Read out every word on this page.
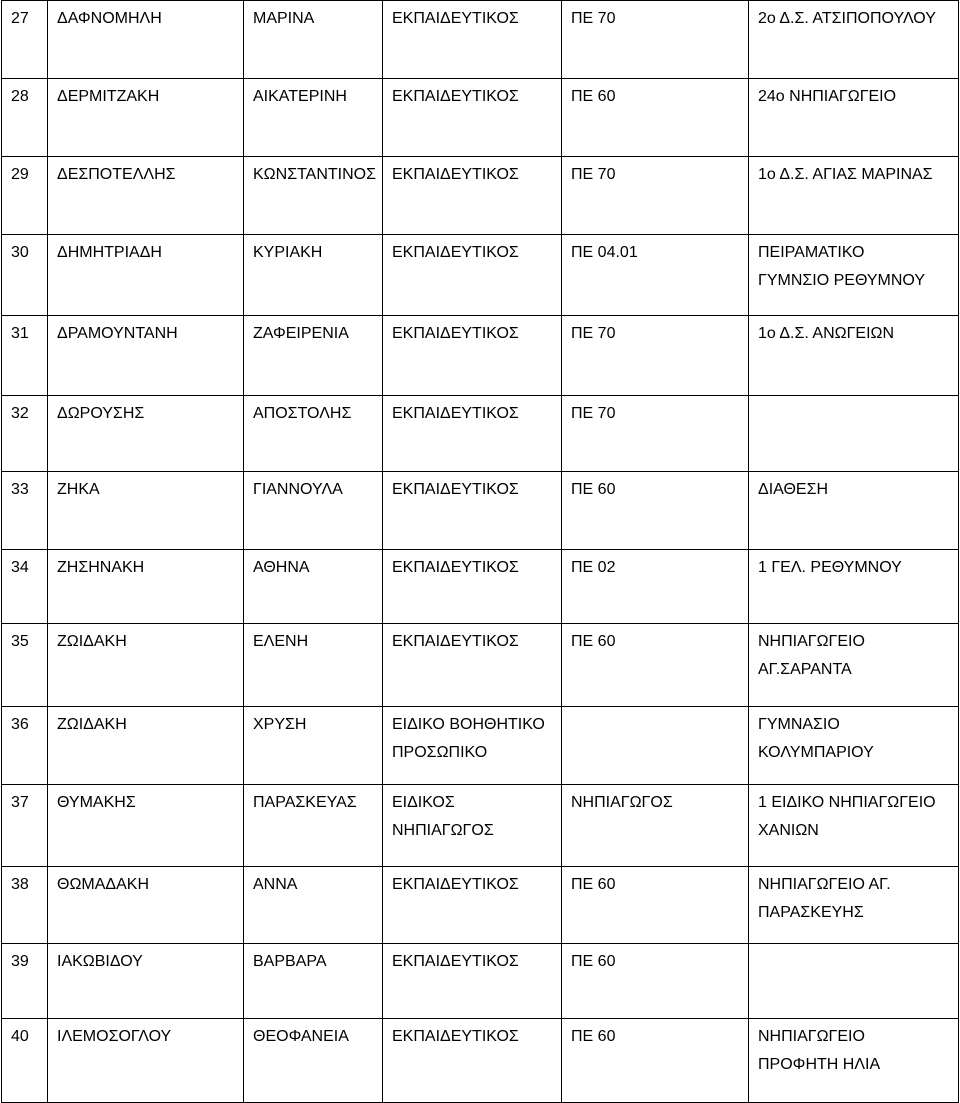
27	ΔΑΦΝΟΜΗΛΗ	ΜΑΡΙΝΑ	ΕΚΠΑΙΔΕΥΤΙΚΟΣ	ΠΕ 70	2ο Δ.Σ. ΑΤΣΙΠΟΠΟΥΛΟΥ

28	ΔΕΡΜΙΤΖΑΚΗ	ΑΙΚΑΤΕΡΙΝΗ	ΕΚΠΑΙΔΕΥΤΙΚΟΣ	ΠΕ 60	24ο ΝΗΠΙΑΓΩΓΕΙΟ

29	ΔΕΣΠΟΤΕΛΛΗΣ	ΚΩΝΣΤΑΝΤΙΝΟΣ	ΕΚΠΑΙΔΕΥΤΙΚΟΣ	ΠΕ 70	1ο Δ.Σ. ΑΓΙΑΣ ΜΑΡΙΝΑΣ

30	ΔΗΜΗΤΡΙΑΔΗ	ΚΥΡΙΑΚΗ	ΕΚΠΑΙΔΕΥΤΙΚΟΣ	ΠΕ 04.01	ΠΕΙΡΑΜΑΤΙΚΟ
ΓΥΜΝΣΙΟ ΡΕΘΥΜΝΟΥ

31	ΔΡΑΜΟΥΝΤΑΝΗ	ΖΑΦΕΙΡΕΝΙΑ	ΕΚΠΑΙΔΕΥΤΙΚΟΣ	ΠΕ 70	1ο Δ.Σ. ΑΝΩΓΕΙΩΝ

32	ΔΩΡΟΥΣΗΣ	ΑΠΟΣΤΟΛΗΣ	ΕΚΠΑΙΔΕΥΤΙΚΟΣ	ΠΕ 70	

33	ΖΗΚΑ	ΓΙΑΝΝΟΥΛΑ	ΕΚΠΑΙΔΕΥΤΙΚΟΣ	ΠΕ 60	ΔΙΑΘΕΣΗ

34	ΖΗΣΗΝΑΚΗ	ΑΘΗΝΑ	ΕΚΠΑΙΔΕΥΤΙΚΟΣ	ΠΕ 02	1 ΓΕΛ. ΡΕΘΥΜΝΟΥ

35	ΖΩΙΔΑΚΗ	ΕΛΕΝΗ	ΕΚΠΑΙΔΕΥΤΙΚΟΣ	ΠΕ 60	ΝΗΠΙΑΓΩΓΕΙΟ
ΑΓ.ΣΑΡΑΝΤΑ

36	ΖΩΙΔΑΚΗ	ΧΡΥΣΗ	ΕΙΔΙΚΟ ΒΟΗΘΗΤΙΚΟ
ΠΡΟΣΩΠΙΚΟ		ΓΥΜΝΑΣΙΟ
ΚΟΛΥΜΠΑΡΙΟΥ

37	ΘΥΜΑΚΗΣ	ΠΑΡΑΣΚΕΥΑΣ	ΕΙΔΙΚΟΣ
ΝΗΠΙΑΓΩΓΟΣ	ΝΗΠΙΑΓΩΓΟΣ	1 ΕΙΔΙΚΟ ΝΗΠΙΑΓΩΓΕΙΟ
ΧΑΝΙΩΝ

38	ΘΩΜΑΔΑΚΗ	ΑΝΝΑ	ΕΚΠΑΙΔΕΥΤΙΚΟΣ	ΠΕ 60	ΝΗΠΙΑΓΩΓΕΙΟ ΑΓ.
ΠΑΡΑΣΚΕΥΗΣ

39	ΙΑΚΩΒΙΔΟΥ	ΒΑΡΒΑΡΑ	ΕΚΠΑΙΔΕΥΤΙΚΟΣ	ΠΕ 60	

40	ΙΛΕΜΟΣΟΓΛΟΥ	ΘΕΟΦΑΝΕΙΑ	ΕΚΠΑΙΔΕΥΤΙΚΟΣ	ΠΕ 60	ΝΗΠΙΑΓΩΓΕΙΟ
ΠΡΟΦΗΤΗ ΗΛΙΑ
